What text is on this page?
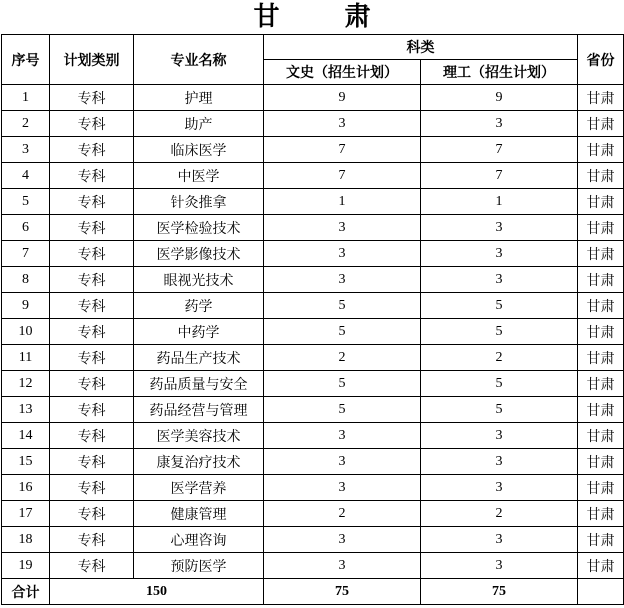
甘 肃
序号	计划类别	专业名称	科类		省份
			文史（招生计划）	理工（招生计划）	
1	专科	护理	9	9	甘肃
2	专科	助产	3	3	甘肃
3	专科	临床医学	7	7	甘肃
4	专科	中医学	7	7	甘肃
5	专科	针灸推拿	1	1	甘肃
6	专科	医学检验技术	3	3	甘肃
7	专科	医学影像技术	3	3	甘肃
8	专科	眼视光技术	3	3	甘肃
9	专科	药学	5	5	甘肃
10	专科	中药学	5	5	甘肃
11	专科	药品生产技术	2	2	甘肃
12	专科	药品质量与安全	5	5	甘肃
13	专科	药品经营与管理	5	5	甘肃
14	专科	医学美容技术	3	3	甘肃
15	专科	康复治疗技术	3	3	甘肃
16	专科	医学营养	3	3	甘肃
17	专科	健康管理	2	2	甘肃
18	专科	心理咨询	3	3	甘肃
19	专科	预防医学	3	3	甘肃
合计	150		75	75	
